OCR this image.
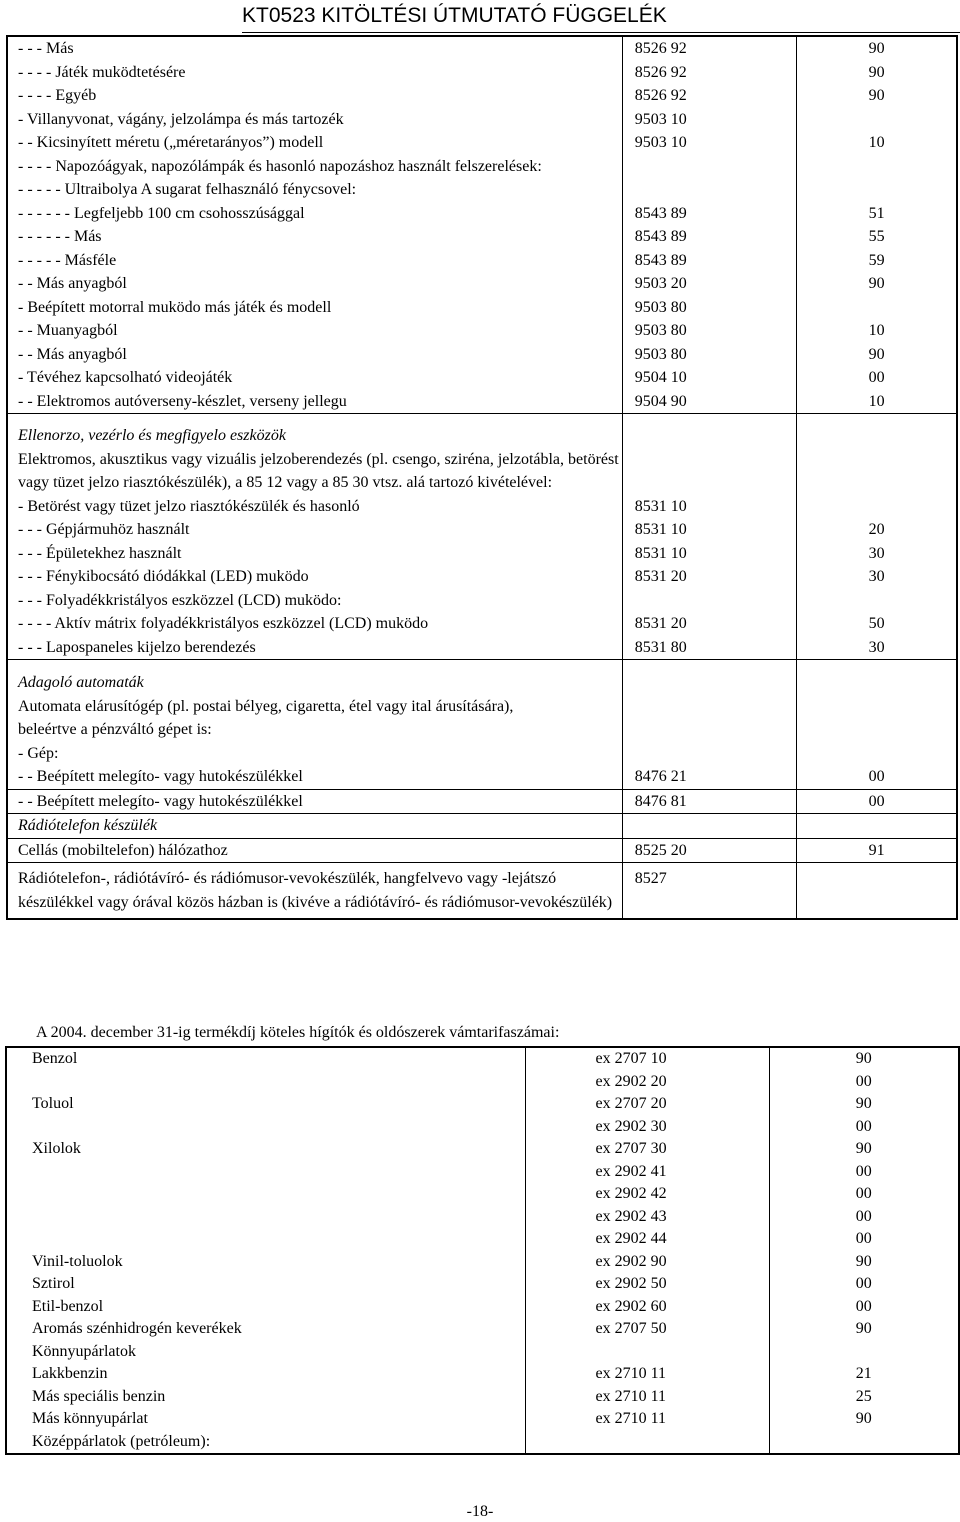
KT0523 KITÖLTÉSI ÚTMUTATÓ FÜGGELÉK
- - - Más	8526 92	90
- - - - Játék muködtetésére	8526 92	90
- - - - Egyéb	8526 92	90
- Villanyvonat, vágány, jelzolámpa és más tartozék	9503 10	
- - Kicsinyített méretu („méretarányos”) modell	9503 10	10
- - - - Napozóágyak, napozólámpák és hasonló napozáshoz használt felszerelések:		
- - - - - Ultraibolya A sugarat felhasználó fénycsovel:		
- - - - - - Legfeljebb 100 cm csohosszúsággal	8543 89	51
- - - - - - Más	8543 89	55
- - - - - Másféle	8543 89	59
- - Más anyagból	9503 20	90
- Beépített motorral muködo más játék és modell	9503 80	
- - Muanyagból	9503 80	10
- - Más anyagból	9503 80	90
- Tévéhez kapcsolható videojáték	9504 10	00
- - Elektromos autóverseny-készlet, verseny jellegu	9504 90	10
Ellenorzo, vezérlo és megfigyelo eszközök		
Elektromos, akusztikus vagy vizuális jelzoberendezés (pl. csengo, sziréna, jelzotábla, betörést vagy tüzet jelzo riasztókészülék), a 85 12 vagy a 85 30 vtsz. alá tartozó kivételével:		
- Betörést vagy tüzet jelzo riasztókészülék és hasonló	8531 10	
- - - Gépjármuhöz használt	8531 10	20
- - - Épületekhez használt	8531 10	30
- - - Fénykibocsátó diódákkal (LED) muködo	8531 20	30
- - - Folyadékkristályos eszközzel (LCD) muködo:		
- - - - Aktív mátrix folyadékkristályos eszközzel (LCD) muködo	8531 20	50
- - - Lapospaneles kijelzo berendezés	8531 80	30
Adagoló automaták		
Automata elárusítógép (pl. postai bélyeg, cigaretta, étel vagy ital árusítására), beleértve a pénzváltó gépet is:		
- Gép:		
- - Beépített melegíto- vagy hutokészülékkel	8476 21	00
- - Beépített melegíto- vagy hutokészülékkel	8476 81	00
Rádiótelefon készülék		
Cellás (mobiltelefon) hálózathoz	8525 20	91
Rádiótelefon-, rádiótávíró- és rádiómusor-vevokészülék, hangfelvevo vagy -lejátszó készülékkel vagy órával közös házban is (kivéve a rádiótávíró- és rádiómusor-vevokészülék)	8527	
A 2004. december 31-ig termékdíj köteles hígítók és oldószerek vámtarifaszámai:
Benzol	ex 2707 10	90
	ex 2902 20	00
Toluol	ex 2707 20	90
	ex 2902 30	00
Xilolok	ex 2707 30	90
	ex 2902 41	00
	ex 2902 42	00
	ex 2902 43	00
	ex 2902 44	00
Vinil-toluolok	ex 2902 90	90
Sztirol	ex 2902 50	00
Etil-benzol	ex 2902 60	00
Aromás szénhidrogén keverékek	ex 2707 50	90
Könnyupárlatok		
Lakkbenzin	ex 2710 11	21
Más speciális benzin	ex 2710 11	25
Más könnyupárlat	ex 2710 11	90
Középpárlatok (petróleum):		
-18-
